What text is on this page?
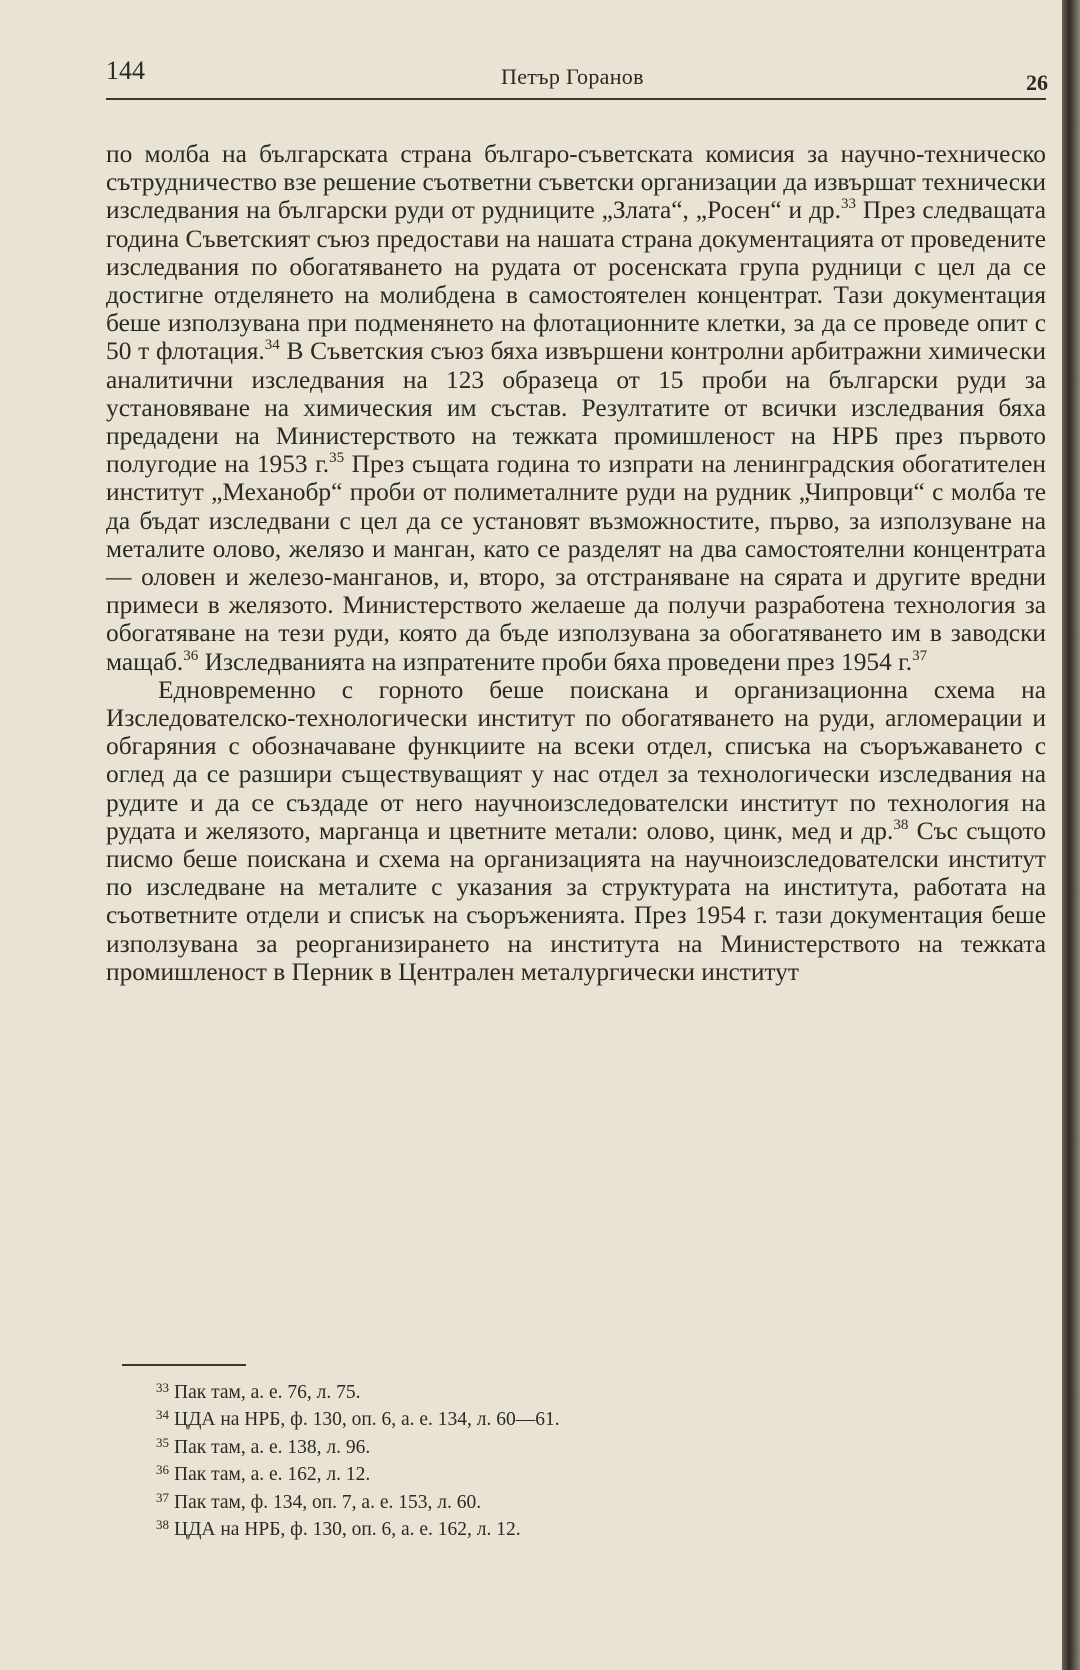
144	Петър Горанов	26

по молба на българската страна българо-съветската комисия за научно-техническо сътрудничество взе решение съответни съветски организации да извършат технически изследвания на български руди от рудниците „Злата“, „Росен“ и др.$^{33}$ През следващата година Съветският съюз предостави на нашата страна документацията от проведените изследвания по обогатяването на рудата от росенската група рудници с цел да се достигне отделянето на молибдена в самостоятелен концентрат. Тази документация беше използувана при подменянето на флотационните клетки, за да се проведе опит с 50 т флотация.$^{34}$ В Съветския съюз бяха извършени контролни арбитражни химически аналитични изследвания на 123 образеца от 15 проби на български руди за установяване на химическия им състав. Резултатите от всички изследвания бяха предадени на Министерството на тежката промишленост на НРБ през първото полугодие на 1953 г.$^{35}$ През същата година то изпрати на ленинградския обогатителен институт „Механобр“ проби от полиметалните руди на рудник „Чипровци“ с молба те да бъдат изследвани с цел да се установят възможностите, първо, за използуване на металите олово, желязо и манган, като се разделят на два самостоятелни концентрата — оловен и железо-манганов, и, второ, за отстраняване на сярата и другите вредни примеси в желязото. Министерството желаеше да получи разработена технология за обогатяване на тези руди, която да бъде използувана за обогатяването им в заводски мащаб.$^{36}$ Изследванията на изпратените проби бяха проведени през 1954 г.$^{37}$

Едновременно с горното беше поискана и организационна схема на Изследователско-технологически институт по обогатяването на руди, агломерации и обгаряния с обозначаване функциите на всеки отдел, списъка на съоръжаването с оглед да се разшири съществуващият у нас отдел за технологически изследвания на рудите и да се създаде от него научноизследователски институт по технология на рудата и желязото, марганца и цветните метали: олово, цинк, мед и др.$^{38}$ Със същото писмо беше поискана и схема на организацията на научноизследователски институт по изследване на металите с указания за структурата на института, работата на съответните отдели и списък на съоръженията. През 1954 г. тази документация беше използувана за реорганизирането на института на Министерството на тежката промишленост в Перник в Централен металургически институт

$^{33}$ Пак там, а. е. 76, л. 75.
$^{34}$ ЦДА на НРБ, ф. 130, оп. 6, а. е. 134, л. 60—61.
$^{35}$ Пак там, а. е. 138, л. 96.
$^{36}$ Пак там, а. е. 162, л. 12.
$^{37}$ Пак там, ф. 134, оп. 7, а. е. 153, л. 60.
$^{38}$ ЦДА на НРБ, ф. 130, оп. 6, а. е. 162, л. 12.
